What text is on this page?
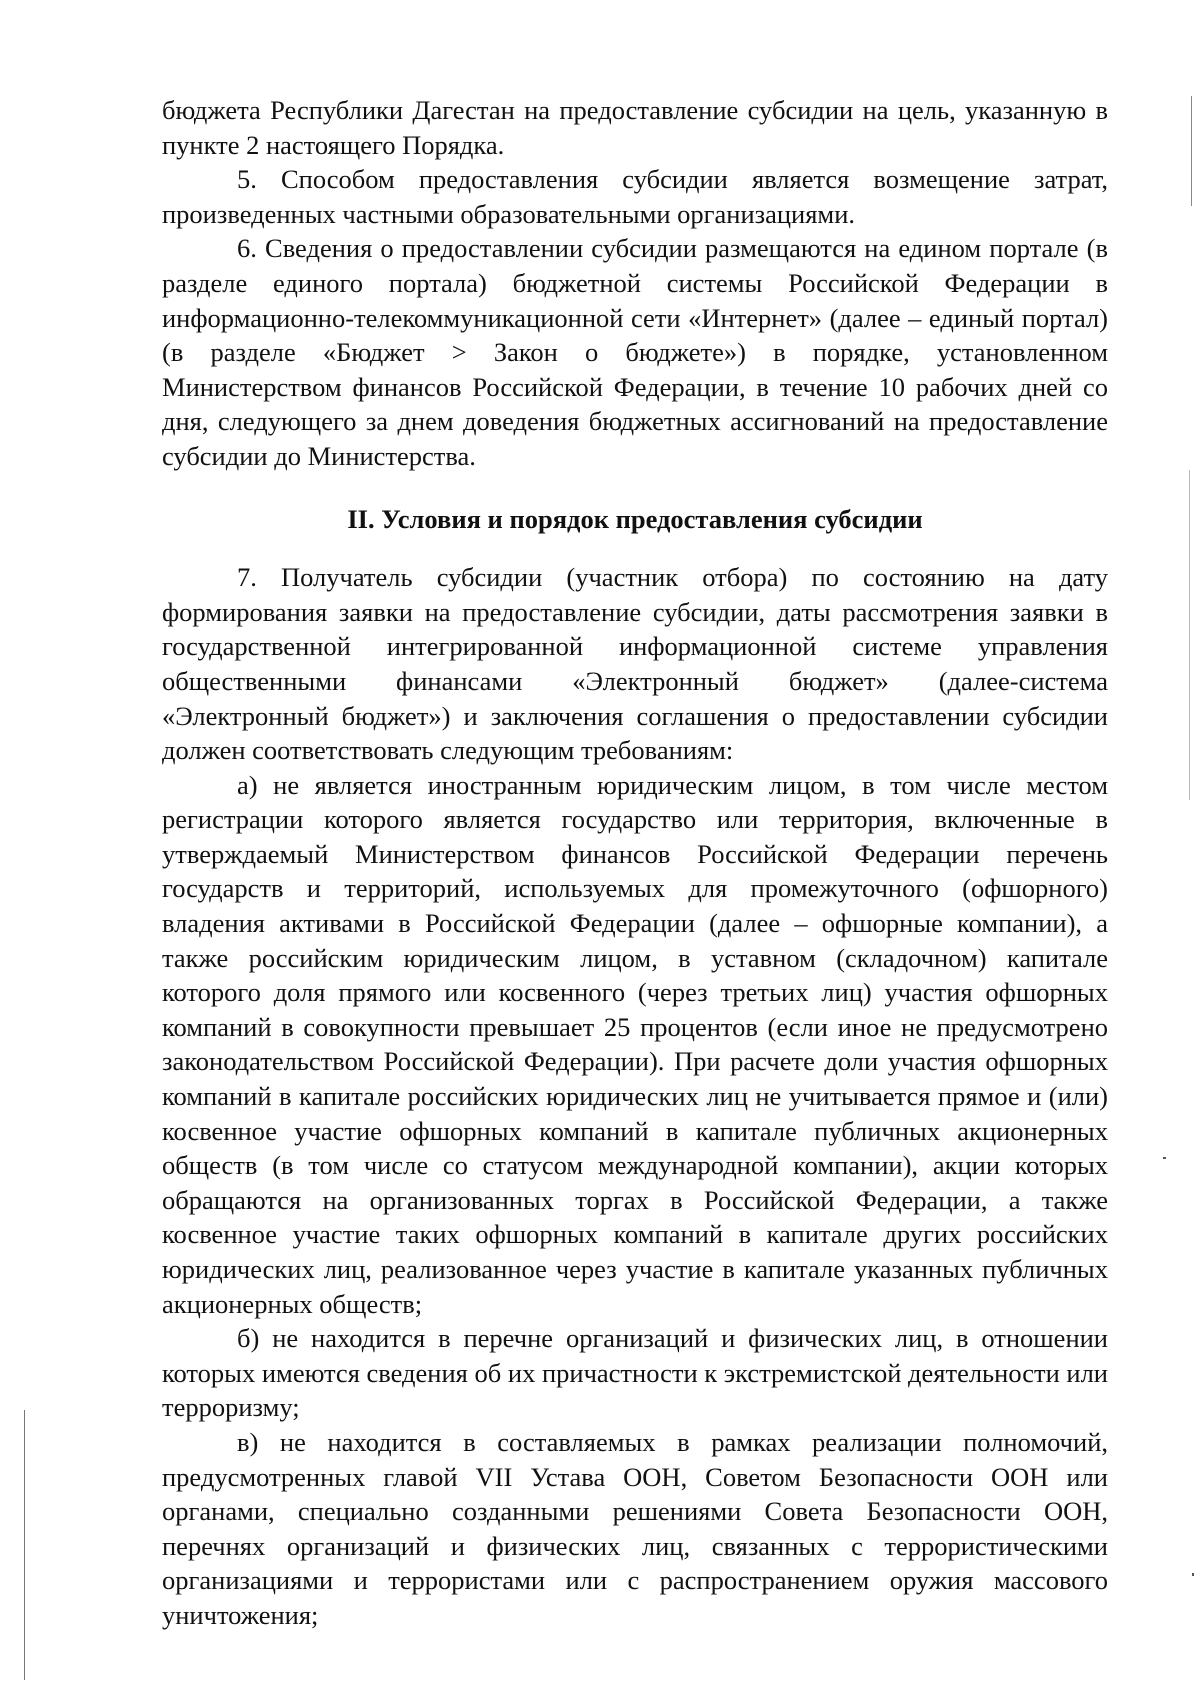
бюджета Республики Дагестан на предоставление субсидии на цель, указанную в пункте 2 настоящего Порядка.

5. Способом предоставления субсидии является возмещение затрат, произведенных частными образовательными организациями.

6. Сведения о предоставлении субсидии размещаются на едином портале (в разделе единого портала) бюджетной системы Российской Федерации в информационно-телекоммуникационной сети «Интернет» (далее – единый портал) (в разделе «Бюджет > Закон о бюджете») в порядке, установленном Министерством финансов Российской Федерации, в течение 10 рабочих дней со дня, следующего за днем доведения бюджетных ассигнований на предоставление субсидии до Министерства.

II. Условия и порядок предоставления субсидии

7. Получатель субсидии (участник отбора) по состоянию на дату формирования заявки на предоставление субсидии, даты рассмотрения заявки в государственной интегрированной информационной системе управления общественными финансами «Электронный бюджет» (далее-система «Электронный бюджет») и заключения соглашения о предоставлении субсидии должен соответствовать следующим требованиям:

а) не является иностранным юридическим лицом, в том числе местом регистрации которого является государство или территория, включенные в утверждаемый Министерством финансов Российской Федерации перечень государств и территорий, используемых для промежуточного (офшорного) владения активами в Российской Федерации (далее – офшорные компании), а также российским юридическим лицом, в уставном (складочном) капитале которого доля прямого или косвенного (через третьих лиц) участия офшорных компаний в совокупности превышает 25 процентов (если иное не предусмотрено законодательством Российской Федерации). При расчете доли участия офшорных компаний в капитале российских юридических лиц не учитывается прямое и (или) косвенное участие офшорных компаний в капитале публичных акционерных обществ (в том числе со статусом международной компании), акции которых обращаются на организованных торгах в Российской Федерации, а также косвенное участие таких офшорных компаний в капитале других российских юридических лиц, реализованное через участие в капитале указанных публичных акционерных обществ;

б) не находится в перечне организаций и физических лиц, в отношении которых имеются сведения об их причастности к экстремистской деятельности или терроризму;

в) не находится в составляемых в рамках реализации полномочий, предусмотренных главой VII Устава ООН, Советом Безопасности ООН или органами, специально созданными решениями Совета Безопасности ООН, перечнях организаций и физических лиц, связанных с террористическими организациями и террористами или с распространением оружия массового уничтожения;
